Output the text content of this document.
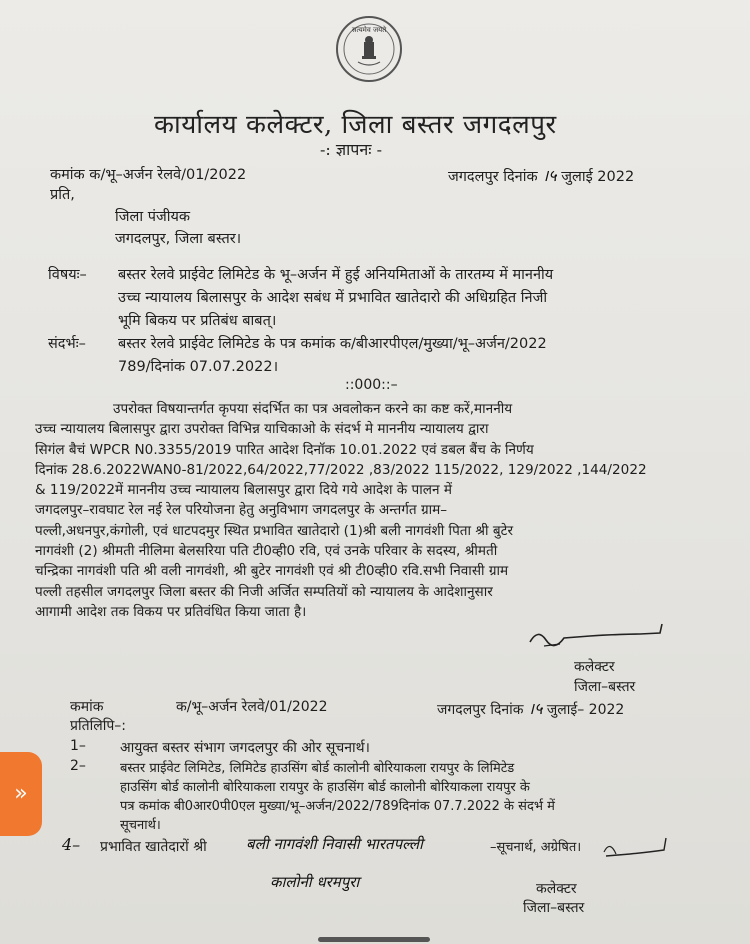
सत्यमेव जयते
कार्यालय कलेक्टर, जिला बस्तर जगदलपुर
-: ज्ञापनः -
कमांक क/भू–अर्जन रेलवे/01/2022	जगदलपुर दिनांक ।५ जुलाई 2022
प्रति,
जिला पंजीयक
जगदलपुर, जिला बस्तर।
विषयः– बस्तर रेलवे प्राईवेट लिमिटेड के भू–अर्जन में हुई अनियमिताओं के तारतम्य में माननीय
उच्च न्यायालय बिलासपुर के आदेश सबंध में प्रभावित खातेदारो की अधिग्रहित निजी
भूमि बिकय पर प्रतिबंध बाबत्।
संदर्भः– बस्तर रेलवे प्राईवेट लिमिटेड के पत्र कमांक क/बीआरपीएल/मुख्या/भू–अर्जन/2022
789/दिनांक 07.07.2022।
::000::–
उपरोक्त विषयान्तर्गत कृपया संदर्भित का पत्र अवलोकन करने का कष्ट करें,माननीय
उच्च न्यायालय बिलासपुर द्वारा उपरोक्त विभिन्न याचिकाओ के संदर्भ मे माननीय न्यायालय द्वारा
सिगंल बैचं WPCR N0.3355/2019 पारित आदेश दिनॉक 10.01.2022 एवं डबल बैंच के निर्णय
दिनांक 28.6.2022WAN0-81/2022,64/2022,77/2022 ,83/2022 115/2022, 129/2022 ,144/2022
& 119/2022में माननीय उच्च न्यायालय बिलासपुर द्वारा दिये गये आदेश के पालन में
जगदलपुर–रावघाट रेल नई रेल परियोजना हेतु अनुविभाग जगदलपुर के अन्तर्गत ग्राम–
पल्ली,अधनपुर,कंगोली, एवं धाटपदमुर स्थित प्रभावित खातेदारो (1)श्री बली नागवंशी पिता श्री बुटेर
नागवंशी (2) श्रीमती नीलिमा बेलसरिया पति टी0व्ही0 रवि, एवं उनके परिवार के सदस्य, श्रीमती
चन्द्रिका नागवंशी पति श्री वली नागवंशी, श्री बुटेर नागवंशी एवं श्री टी0व्ही0 रवि.सभी निवासी ग्राम
पल्ली तहसील जगदलपुर जिला बस्तर की निजी अर्जित सम्पतियों को न्यायालय के आदेशानुसार
आगामी आदेश तक विकय पर प्रतिवंधित किया जाता है।
कलेक्टर
जिला–बस्तर
कमांक	क/भू–अर्जन रेलवे/01/2022	जगदलपुर दिनांक ।५ जुलाई– 2022
प्रतिलिपि–:
1– आयुक्त बस्तर संभाग जगदलपुर की ओर सूचनार्थ।
2–	बस्तर प्राईवेट लिमिटेड, लिमिटेड हाउसिंग बोर्ड कालोनी बोरियाकला रायपुर के लिमिटेड
हाउसिंग बोर्ड कालोनी बोरियाकला रायपुर के हाउसिंग बोर्ड कालोनी बोरियाकला रायपुर के
पत्र कमांक बी0आर0पी0एल मुख्या/भू–अर्जन/2022/789दिनांक 07.7.2022 के संदर्भ में
सूचनार्थ।
4– प्रभावित खातेदारों श्री	बली नागवंशी निवासी भारतपल्ली	–सूचनार्थ, अग्रेषित।
कालोनी धरमपुरा	कलेक्टर
जिला–बस्तर
»
